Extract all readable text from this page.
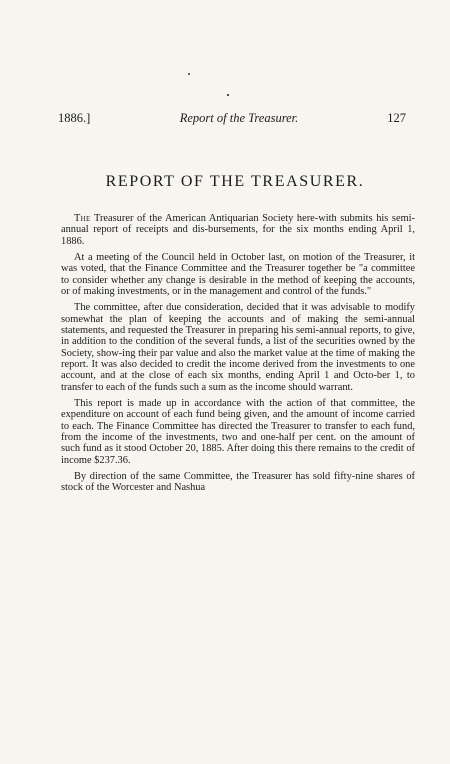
1886.]	Report of the Treasurer.	127
REPORT OF THE TREASURER.

The Treasurer of the American Antiquarian Society here-with submits his semi-annual report of receipts and dis-bursements, for the six months ending April 1, 1886.

At a meeting of the Council held in October last, on motion of the Treasurer, it was voted, that the Finance Committee and the Treasurer together be "a committee to consider whether any change is desirable in the method of keeping the accounts, or of making investments, or in the management and control of the funds."

The committee, after due consideration, decided that it was advisable to modify somewhat the plan of keeping the accounts and of making the semi-annual statements, and requested the Treasurer in preparing his semi-annual reports, to give, in addition to the condition of the several funds, a list of the securities owned by the Society, show-ing their par value and also the market value at the time of making the report. It was also decided to credit the income derived from the investments to one account, and at the close of each six months, ending April 1 and Octo-ber 1, to transfer to each of the funds such a sum as the income should warrant.

This report is made up in accordance with the action of that committee, the expenditure on account of each fund being given, and the amount of income carried to each. The Finance Committee has directed the Treasurer to transfer to each fund, from the income of the investments, two and one-half per cent. on the amount of such fund as it stood October 20, 1885. After doing this there remains to the credit of income $237.36.

By direction of the same Committee, the Treasurer has sold fifty-nine shares of stock of the Worcester and Nashua
